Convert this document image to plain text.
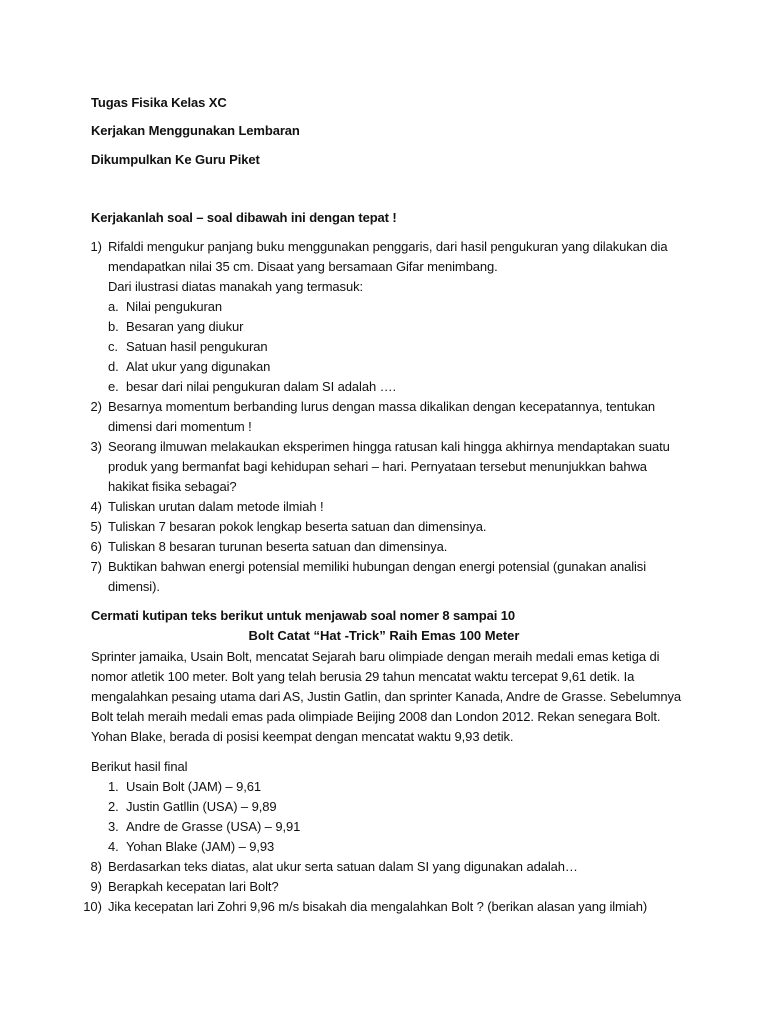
Tugas Fisika Kelas XC
Kerjakan Menggunakan Lembaran
Dikumpulkan Ke Guru Piket
Kerjakanlah soal – soal dibawah ini dengan tepat !
1) Rifaldi mengukur panjang buku menggunakan penggaris, dari hasil pengukuran yang dilakukan dia
mendapatkan nilai 35 cm. Disaat yang bersamaan Gifar menimbang.
Dari ilustrasi diatas manakah yang termasuk:
a. Nilai pengukuran
b. Besaran yang diukur
c. Satuan hasil pengukuran
d. Alat ukur yang digunakan
e. besar dari nilai pengukuran dalam SI adalah ….
2) Besarnya momentum berbanding lurus dengan massa dikalikan dengan kecepatannya, tentukan
dimensi dari momentum !
3) Seorang ilmuwan melakaukan eksperimen hingga ratusan kali hingga akhirnya mendaptakan suatu
produk yang bermanfat bagi kehidupan sehari – hari. Pernyataan tersebut menunjukkan bahwa
hakikat fisika sebagai?
4) Tuliskan urutan dalam metode ilmiah !
5) Tuliskan 7 besaran pokok lengkap beserta satuan dan dimensinya.
6) Tuliskan 8 besaran turunan beserta satuan dan dimensinya.
7) Buktikan bahwan energi potensial memiliki hubungan dengan energi potensial (gunakan analisi
dimensi).
Cermati kutipan teks berikut untuk menjawab soal nomer 8 sampai 10
Bolt Catat “Hat -Trick” Raih Emas 100 Meter
Sprinter jamaika, Usain Bolt, mencatat Sejarah baru olimpiade dengan meraih medali emas ketiga di
nomor atletik 100 meter. Bolt yang telah berusia 29 tahun mencatat waktu tercepat 9,61 detik. Ia
mengalahkan pesaing utama dari AS, Justin Gatlin, dan sprinter Kanada, Andre de Grasse. Sebelumnya
Bolt telah meraih medali emas pada olimpiade Beijing 2008 dan London 2012. Rekan senegara Bolt.
Yohan Blake, berada di posisi keempat dengan mencatat waktu 9,93 detik.
Berikut hasil final
1. Usain Bolt (JAM) – 9,61
2. Justin Gatllin (USA) – 9,89
3. Andre de Grasse (USA) – 9,91
4. Yohan Blake (JAM) – 9,93
8) Berdasarkan teks diatas, alat ukur serta satuan dalam SI yang digunakan adalah…
9) Berapkah kecepatan lari Bolt?
10) Jika kecepatan lari Zohri 9,96 m/s bisakah dia mengalahkan Bolt ? (berikan alasan yang ilmiah)
